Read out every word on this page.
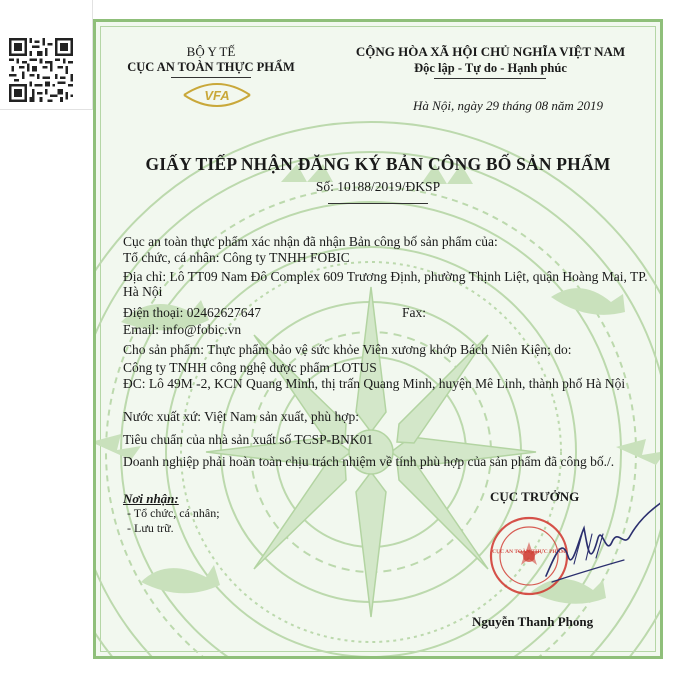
BỘ Y TẾ
CỤC AN TOÀN THỰC PHẨM
VFA
CỘNG HÒA XÃ HỘI CHỦ NGHĨA VIỆT NAM
Độc lập - Tự do - Hạnh phúc
Hà Nội, ngày 29 tháng 08 năm 2019
GIẤY TIẾP NHẬN ĐĂNG KÝ BẢN CÔNG BỐ SẢN PHẨM
Số: 10188/2019/ĐKSP
Cục an toàn thực phẩm xác nhận đã nhận Bản công bố sản phẩm của:
Tổ chức, cá nhân: Công ty TNHH FOBIC
Địa chỉ: Lô TT09 Nam Đô Complex 609 Trương Định, phường Thịnh Liệt, quận Hoàng Mai, TP. Hà Nội
Điện thoại: 02462627647	Fax:
Email: info@fobic.vn
Cho sản phẩm: Thực phẩm bảo vệ sức khỏe Viên xương khớp Bách Niên Kiện; do:
Công ty TNHH công nghệ dược phẩm LOTUS
ĐC: Lô 49M -2, KCN Quang Minh, thị trấn Quang Minh, huyện Mê Linh, thành phố Hà Nội
Nước xuất xứ: Việt Nam sản xuất, phù hợp:
Tiêu chuẩn của nhà sản xuất số TCSP-BNK01
Doanh nghiệp phải hoàn toàn chịu trách nhiệm về tính phù hợp của sản phẩm đã công bố./.
Nơi nhận:
- Tổ chức, cá nhân;
- Lưu trữ.
CỤC TRƯỞNG
CỤC AN TOÀN THỰC PHẨM
Nguyễn Thanh Phong
